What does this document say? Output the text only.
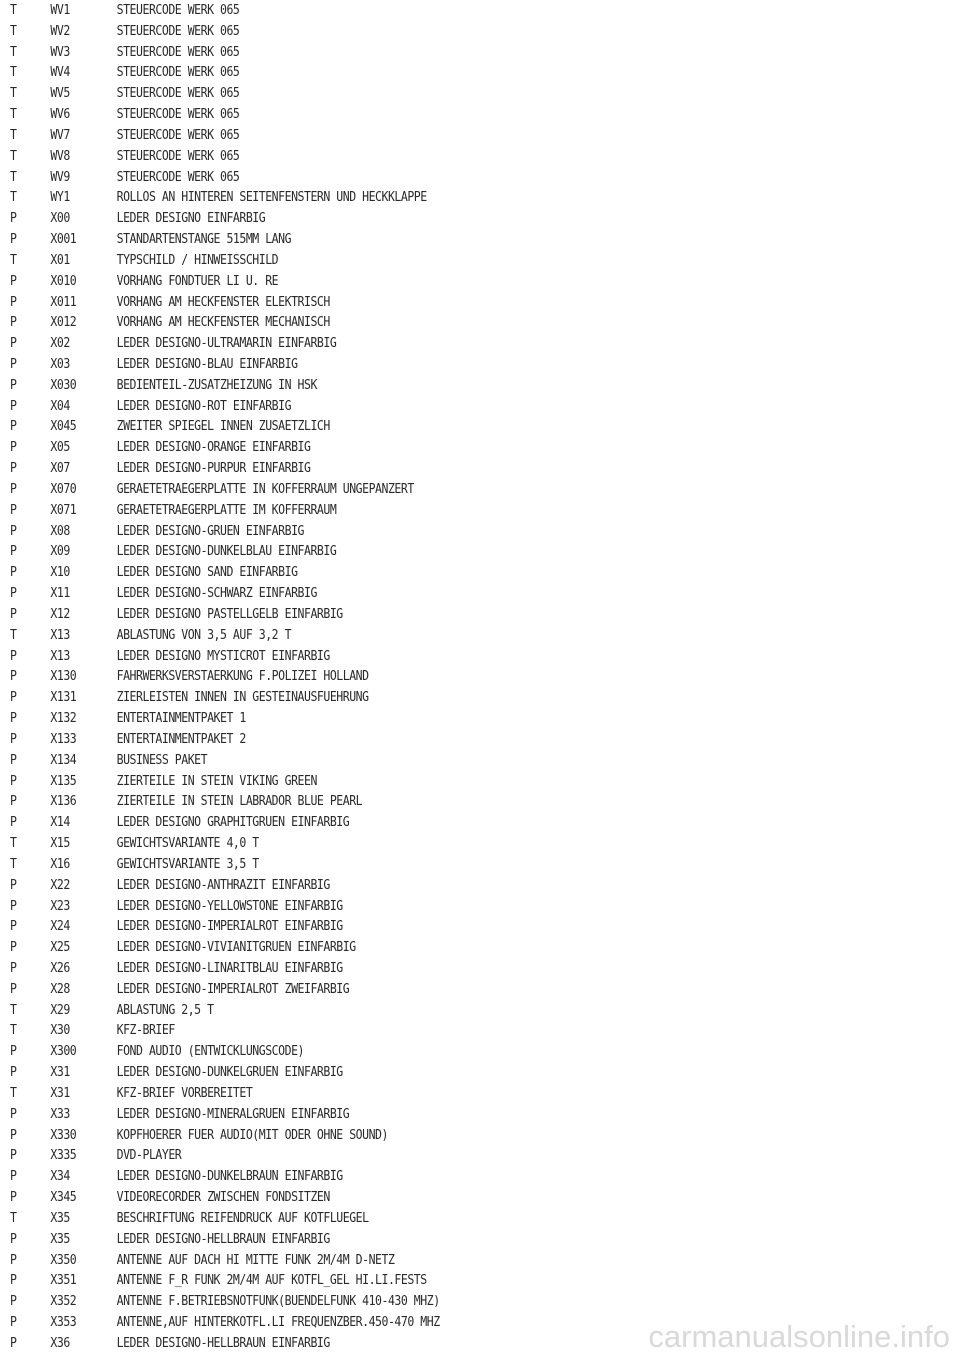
T	WV1	STEUERCODE WERK 065
T	WV2	STEUERCODE WERK 065
T	WV3	STEUERCODE WERK 065
T	WV4	STEUERCODE WERK 065
T	WV5	STEUERCODE WERK 065
T	WV6	STEUERCODE WERK 065
T	WV7	STEUERCODE WERK 065
T	WV8	STEUERCODE WERK 065
T	WV9	STEUERCODE WERK 065
T	WY1	ROLLOS AN HINTEREN SEITENFENSTERN UND HECKKLAPPE
P	X00	LEDER DESIGNO EINFARBIG
P	X001	STANDARTENSTANGE 515MM LANG
T	X01	TYPSCHILD / HINWEISSCHILD
P	X010	VORHANG FONDTUER LI U. RE
P	X011	VORHANG AM HECKFENSTER ELEKTRISCH
P	X012	VORHANG AM HECKFENSTER MECHANISCH
P	X02	LEDER DESIGNO-ULTRAMARIN EINFARBIG
P	X03	LEDER DESIGNO-BLAU EINFARBIG
P	X030	BEDIENTEIL-ZUSATZHEIZUNG IN HSK
P	X04	LEDER DESIGNO-ROT EINFARBIG
P	X045	ZWEITER SPIEGEL INNEN ZUSAETZLICH
P	X05	LEDER DESIGNO-ORANGE EINFARBIG
P	X07	LEDER DESIGNO-PURPUR EINFARBIG
P	X070	GERAETETRAEGERPLATTE IN KOFFERRAUM UNGEPANZERT
P	X071	GERAETETRAEGERPLATTE IM KOFFERRAUM
P	X08	LEDER DESIGNO-GRUEN EINFARBIG
P	X09	LEDER DESIGNO-DUNKELBLAU EINFARBIG
P	X10	LEDER DESIGNO SAND EINFARBIG
P	X11	LEDER DESIGNO-SCHWARZ EINFARBIG
P	X12	LEDER DESIGNO PASTELLGELB EINFARBIG
T	X13	ABLASTUNG VON 3,5 AUF 3,2 T
P	X13	LEDER DESIGNO MYSTICROT EINFARBIG
P	X130	FAHRWERKSVERSTAERKUNG F.POLIZEI HOLLAND
P	X131	ZIERLEISTEN INNEN IN GESTEINAUSFUEHRUNG
P	X132	ENTERTAINMENTPAKET 1
P	X133	ENTERTAINMENTPAKET 2
P	X134	BUSINESS PAKET
P	X135	ZIERTEILE IN STEIN VIKING GREEN
P	X136	ZIERTEILE IN STEIN LABRADOR BLUE PEARL
P	X14	LEDER DESIGNO GRAPHITGRUEN EINFARBIG
T	X15	GEWICHTSVARIANTE 4,0 T
T	X16	GEWICHTSVARIANTE 3,5 T
P	X22	LEDER DESIGNO-ANTHRAZIT EINFARBIG
P	X23	LEDER DESIGNO-YELLOWSTONE EINFARBIG
P	X24	LEDER DESIGNO-IMPERIALROT EINFARBIG
P	X25	LEDER DESIGNO-VIVIANITGRUEN EINFARBIG
P	X26	LEDER DESIGNO-LINARITBLAU EINFARBIG
P	X28	LEDER DESIGNO-IMPERIALROT ZWEIFARBIG
T	X29	ABLASTUNG 2,5 T
T	X30	KFZ-BRIEF
P	X300	FOND AUDIO (ENTWICKLUNGSCODE)
P	X31	LEDER DESIGNO-DUNKELGRUEN EINFARBIG
T	X31	KFZ-BRIEF VORBEREITET
P	X33	LEDER DESIGNO-MINERALGRUEN EINFARBIG
P	X330	KOPFHOERER FUER AUDIO(MIT ODER OHNE SOUND)
P	X335	DVD-PLAYER
P	X34	LEDER DESIGNO-DUNKELBRAUN EINFARBIG
P	X345	VIDEORECORDER ZWISCHEN FONDSITZEN
T	X35	BESCHRIFTUNG REIFENDRUCK AUF KOTFLUEGEL
P	X35	LEDER DESIGNO-HELLBRAUN EINFARBIG
P	X350	ANTENNE AUF DACH HI MITTE FUNK 2M/4M D-NETZ
P	X351	ANTENNE F_R FUNK 2M/4M AUF KOTFL_GEL HI.LI.FESTS
P	X352	ANTENNE F.BETRIEBSNOTFUNK(BUENDELFUNK 410-430 MHZ)
P	X353	ANTENNE,AUF HINTERKOTFL.LI FREQUENZBER.450-470 MHZ
P	X36	LEDER DESIGNO-HELLBRAUN EINFARBIG	carmanualsonline.info
